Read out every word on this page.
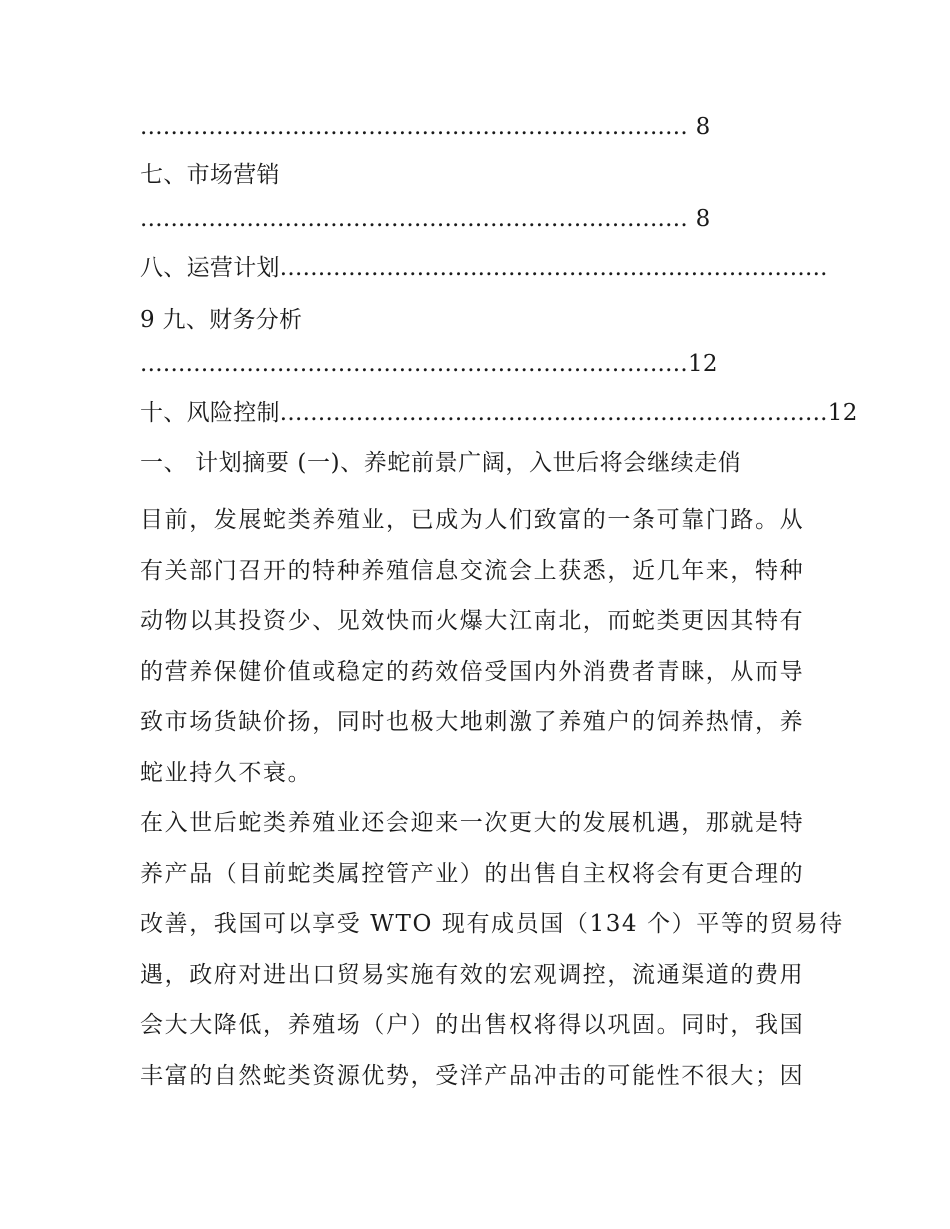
........................................................................ 8
七、市场营销
........................................................................ 8
八、运营计划........................................................................
9 九、财务分析
........................................................................12
十、风险控制........................................................................12
一、 计划摘要 (一)、养蛇前景广阔，入世后将会继续走俏
目前，发展蛇类养殖业，已成为人们致富的一条可靠门路。从
有关部门召开的特种养殖信息交流会上获悉，近几年来，特种
动物以其投资少、见效快而火爆大江南北，而蛇类更因其特有
的营养保健价值或稳定的药效倍受国内外消费者青睐，从而导
致市场货缺价扬，同时也极大地刺激了养殖户的饲养热情，养
蛇业持久不衰。
在入世后蛇类养殖业还会迎来一次更大的发展机遇，那就是特
养产品（目前蛇类属控管产业）的出售自主权将会有更合理的
改善，我国可以享受 WTO 现有成员国（134 个）平等的贸易待
遇，政府对进出口贸易实施有效的宏观调控，流通渠道的费用
会大大降低，养殖场（户）的出售权将得以巩固。同时，我国
丰富的自然蛇类资源优势，受洋产品冲击的可能性不很大；因
